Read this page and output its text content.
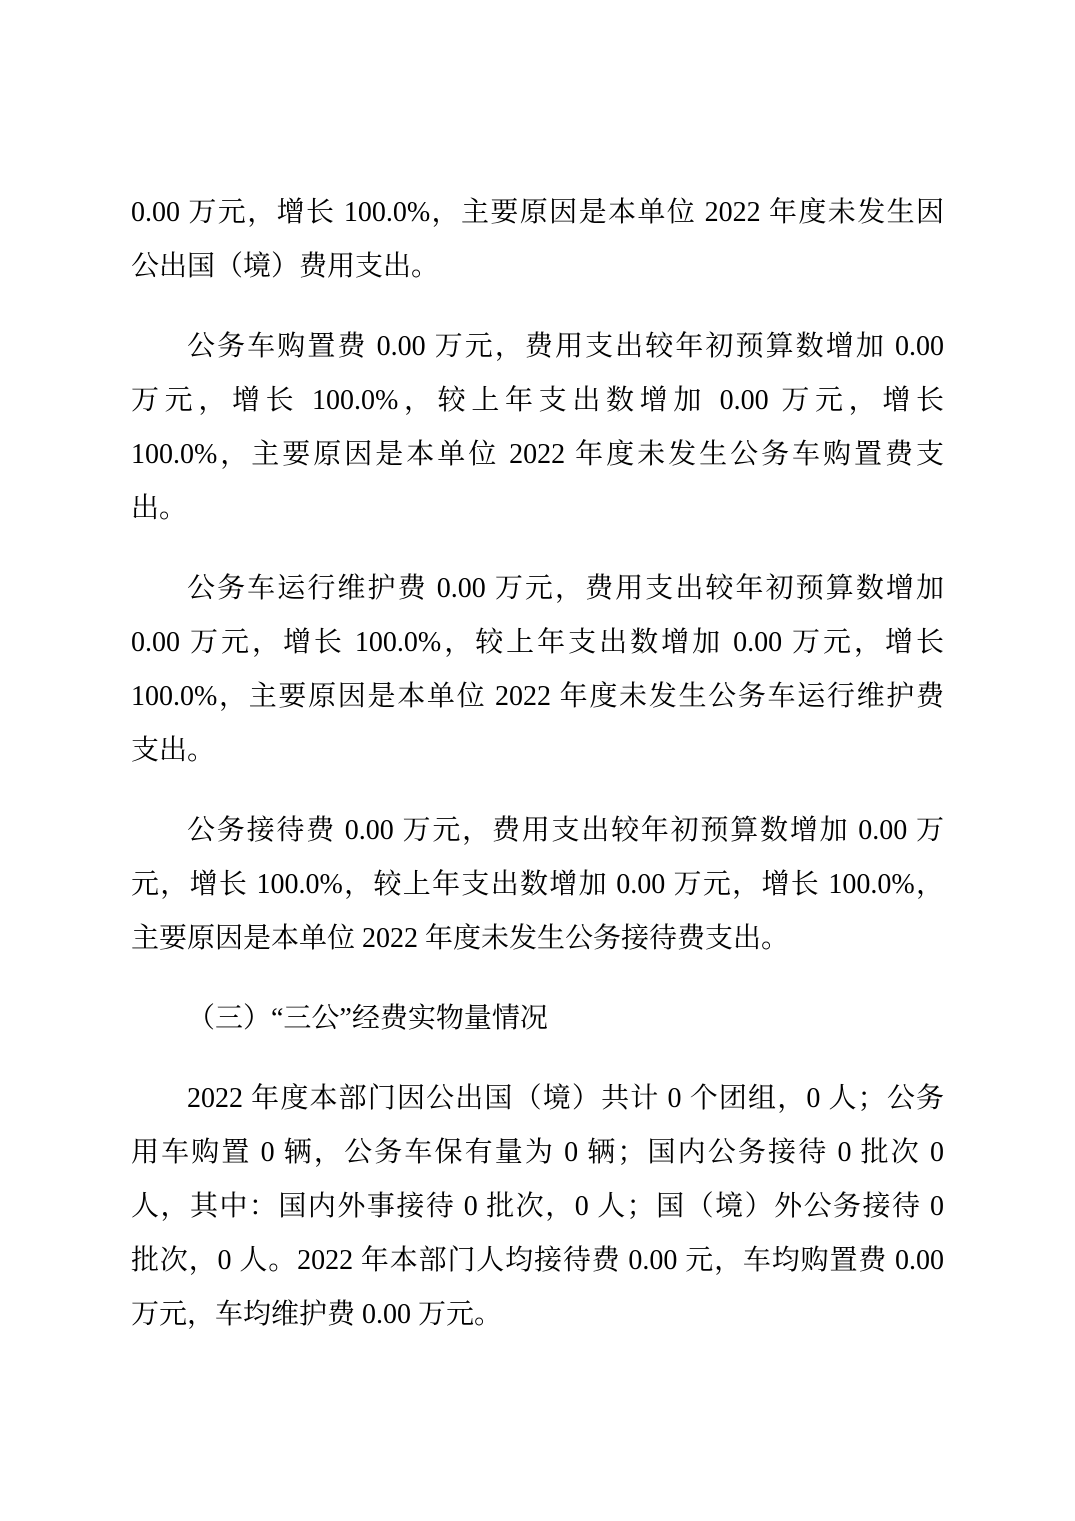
0.00 万元，增长 100.0%，主要原因是本单位 2022 年度未发生因
公出国（境）费用支出。
公务车购置费 0.00 万元，费用支出较年初预算数增加 0.00
万元，增长 100.0%，较上年支出数增加 0.00 万元，增长
100.0%，主要原因是本单位 2022 年度未发生公务车购置费支
出。
公务车运行维护费 0.00 万元，费用支出较年初预算数增加
0.00 万元，增长 100.0%，较上年支出数增加 0.00 万元，增长
100.0%，主要原因是本单位 2022 年度未发生公务车运行维护费
支出。
公务接待费 0.00 万元，费用支出较年初预算数增加 0.00 万
元，增长 100.0%，较上年支出数增加 0.00 万元，增长 100.0%，
主要原因是本单位 2022 年度未发生公务接待费支出。
（三）“三公”经费实物量情况
2022 年度本部门因公出国（境）共计 0 个团组，0 人；公务
用车购置 0 辆，公务车保有量为 0 辆；国内公务接待 0 批次 0
人，其中：国内外事接待 0 批次，0 人；国（境）外公务接待 0
批次，0 人。2022 年本部门人均接待费 0.00 元，车均购置费 0.00
万元，车均维护费 0.00 万元。
